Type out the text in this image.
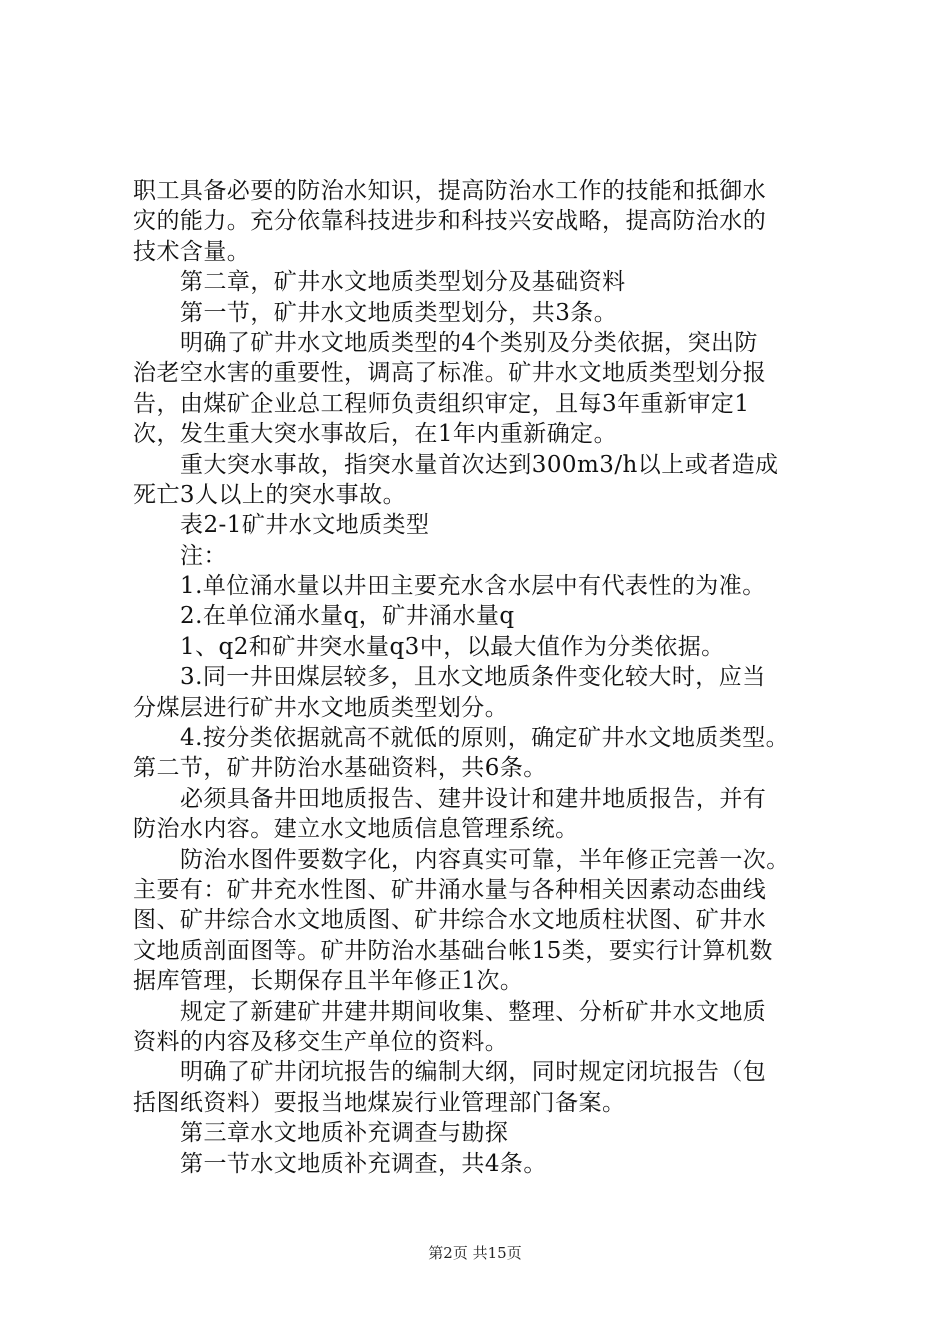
职工具备必要的防治水知识，提高防治水工作的技能和抵御水
灾的能力。充分依靠科技进步和科技兴安战略，提高防治水的
技术含量。
第二章，矿井水文地质类型划分及基础资料
第一节，矿井水文地质类型划分，共3条。
明确了矿井水文地质类型的4个类别及分类依据，突出防
治老空水害的重要性，调高了标准。矿井水文地质类型划分报
告，由煤矿企业总工程师负责组织审定，且每3年重新审定1
次，发生重大突水事故后，在1年内重新确定。
重大突水事故，指突水量首次达到300m3/h以上或者造成
死亡3人以上的突水事故。
表2-1矿井水文地质类型
注：
1.单位涌水量以井田主要充水含水层中有代表性的为准。
2.在单位涌水量q，矿井涌水量q
1、q2和矿井突水量q3中，以最大值作为分类依据。
3.同一井田煤层较多，且水文地质条件变化较大时，应当
分煤层进行矿井水文地质类型划分。
4.按分类依据就高不就低的原则，确定矿井水文地质类型。
第二节，矿井防治水基础资料，共6条。
必须具备井田地质报告、建井设计和建井地质报告，并有
防治水内容。建立水文地质信息管理系统。
防治水图件要数字化，内容真实可靠，半年修正完善一次。
主要有：矿井充水性图、矿井涌水量与各种相关因素动态曲线
图、矿井综合水文地质图、矿井综合水文地质柱状图、矿井水
文地质剖面图等。矿井防治水基础台帐15类，要实行计算机数
据库管理，长期保存且半年修正1次。
规定了新建矿井建井期间收集、整理、分析矿井水文地质
资料的内容及移交生产单位的资料。
明确了矿井闭坑报告的编制大纲，同时规定闭坑报告（包
括图纸资料）要报当地煤炭行业管理部门备案。
第三章水文地质补充调查与勘探
第一节水文地质补充调查，共4条。
第2页 共15页
